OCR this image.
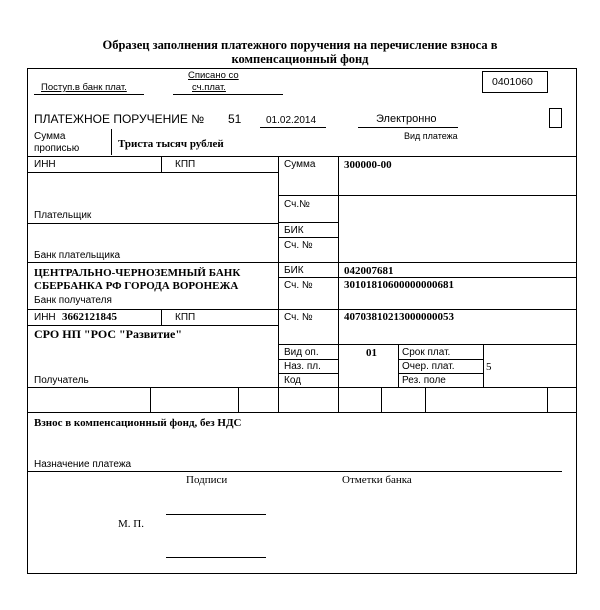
Образец заполнения платежного поручения на перечисление взноса в
компенсационный фонд
Поступ.в банк плат.
Списано со
сч.плат.	0401060
ПЛАТЕЖНОЕ ПОРУЧЕНИЕ № 51 01.02.2014	Электронно
Вид платежа
Сумма
прописью	Триста тысяч рублей
ИНН	КПП	Сумма	300000-00
Сч.№
Плательщик
БИК
Сч. №
Банк плательщика
ЦЕНТРАЛЬНО-ЧЕРНОЗЕМНЫЙ БАНК
СБЕРБАНКА РФ ГОРОДА ВОРОНЕЖА
Банк получателя
БИК	042007681
Сч. №	30101810600000000681
ИНН 3662121845	КПП	Сч. №	40703810213000000053
СРО НП "РОС "Развитие"
Получатель
Вид оп.	01	Срок плат.
Наз. пл.	Очер. плат.	5
Код	Рез. поле
Взнос в компенсационный фонд, без НДС
Назначение платежа
Подписи	Отметки банка
М. П.
